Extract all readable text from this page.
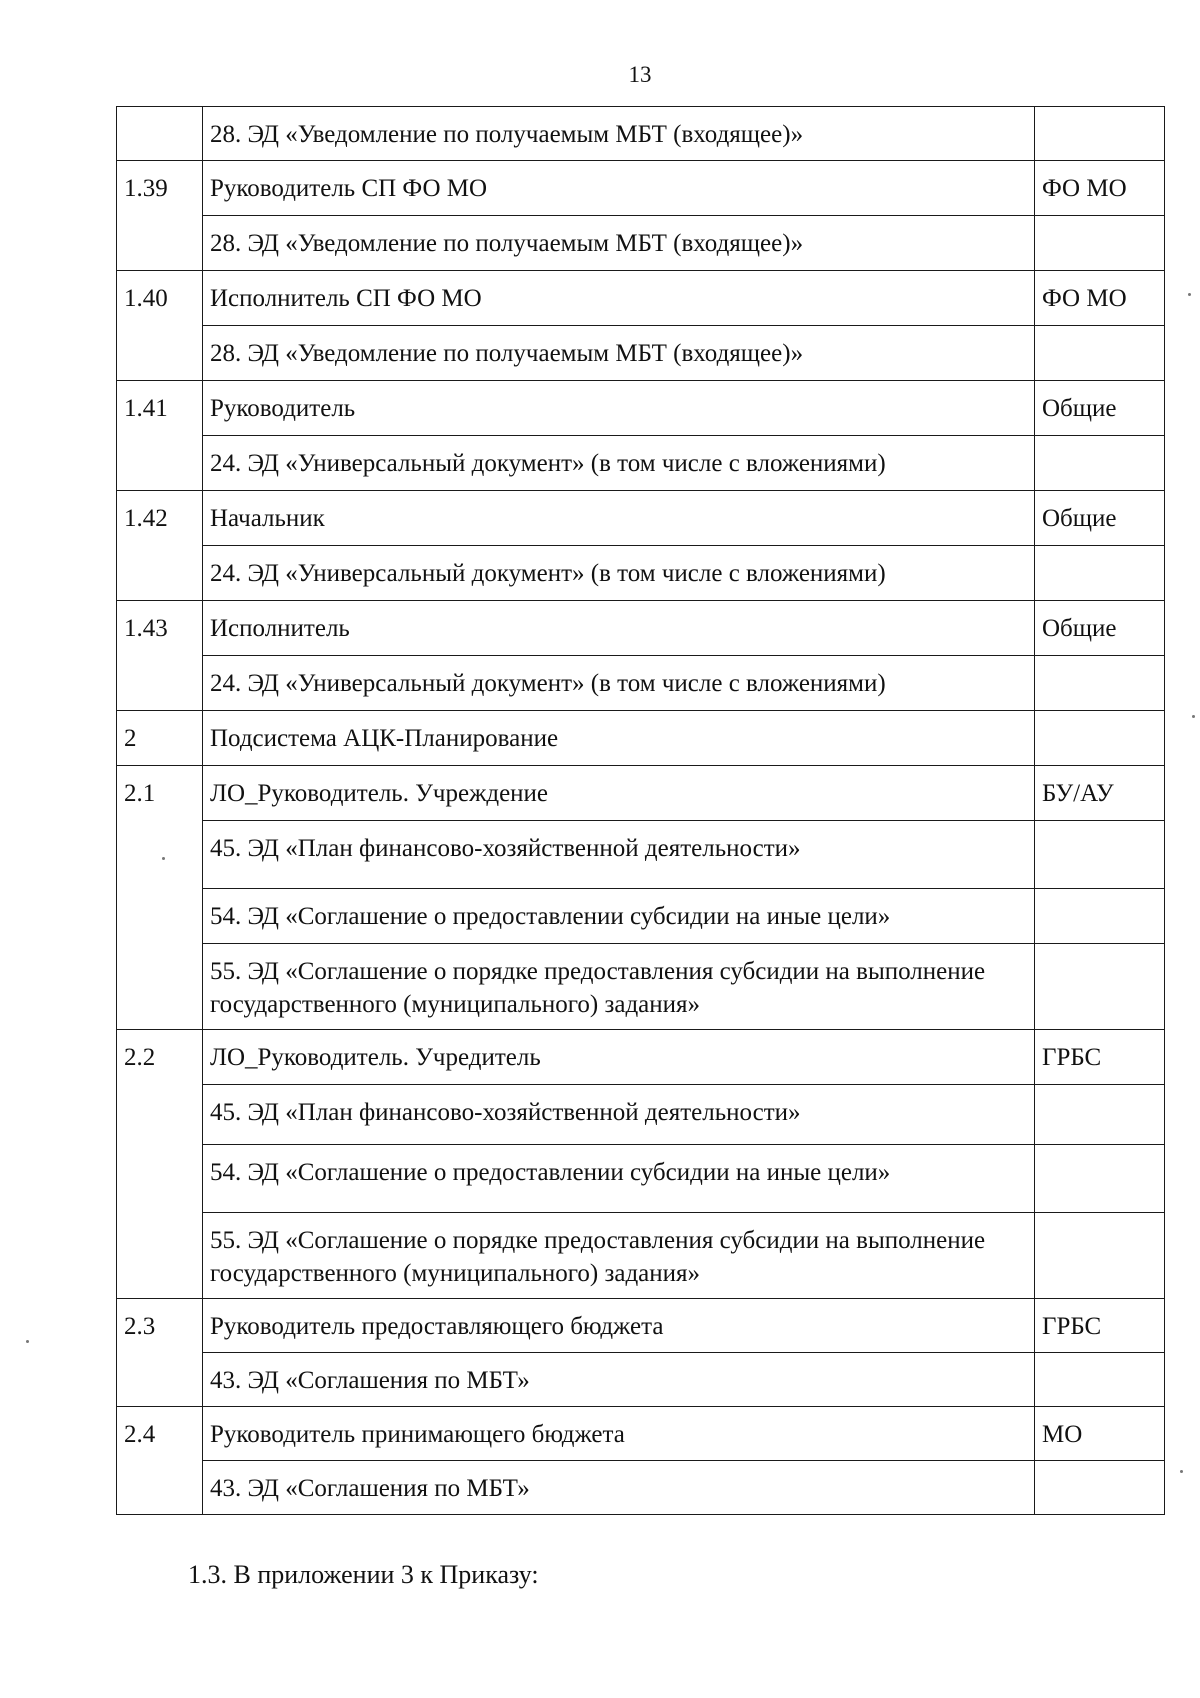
13
	28. ЭД «Уведомление по получаемым МБТ (входящее)»	
1.39	Руководитель СП ФО МО	ФО МО
	28. ЭД «Уведомление по получаемым МБТ (входящее)»	
1.40	Исполнитель СП ФО МО	ФО МО
	28. ЭД «Уведомление по получаемым МБТ (входящее)»	
1.41	Руководитель	Общие
	24. ЭД «Универсальный документ» (в том числе с вложениями)	
1.42	Начальник	Общие
	24. ЭД «Универсальный документ» (в том числе с вложениями)	
1.43	Исполнитель	Общие
	24. ЭД «Универсальный документ» (в том числе с вложениями)	
2	Подсистема АЦК-Планирование	
2.1	ЛО_Руководитель. Учреждение	БУ/АУ
	45. ЭД «План финансово-хозяйственной деятельности»	
	54. ЭД «Соглашение о предоставлении субсидии на иные цели»	
	55. ЭД «Соглашение о порядке предоставления субсидии на выполнение государственного (муниципального) задания»	
2.2	ЛО_Руководитель. Учредитель	ГРБС
	45. ЭД «План финансово-хозяйственной деятельности»	
	54. ЭД «Соглашение о предоставлении субсидии на иные цели»	
	55. ЭД «Соглашение о порядке предоставления субсидии на выполнение государственного (муниципального) задания»	
2.3	Руководитель предоставляющего бюджета	ГРБС
	43. ЭД «Соглашения по МБТ»	
2.4	Руководитель принимающего бюджета	МО
	43. ЭД «Соглашения по МБТ»	
1.3. В приложении 3 к Приказу:
